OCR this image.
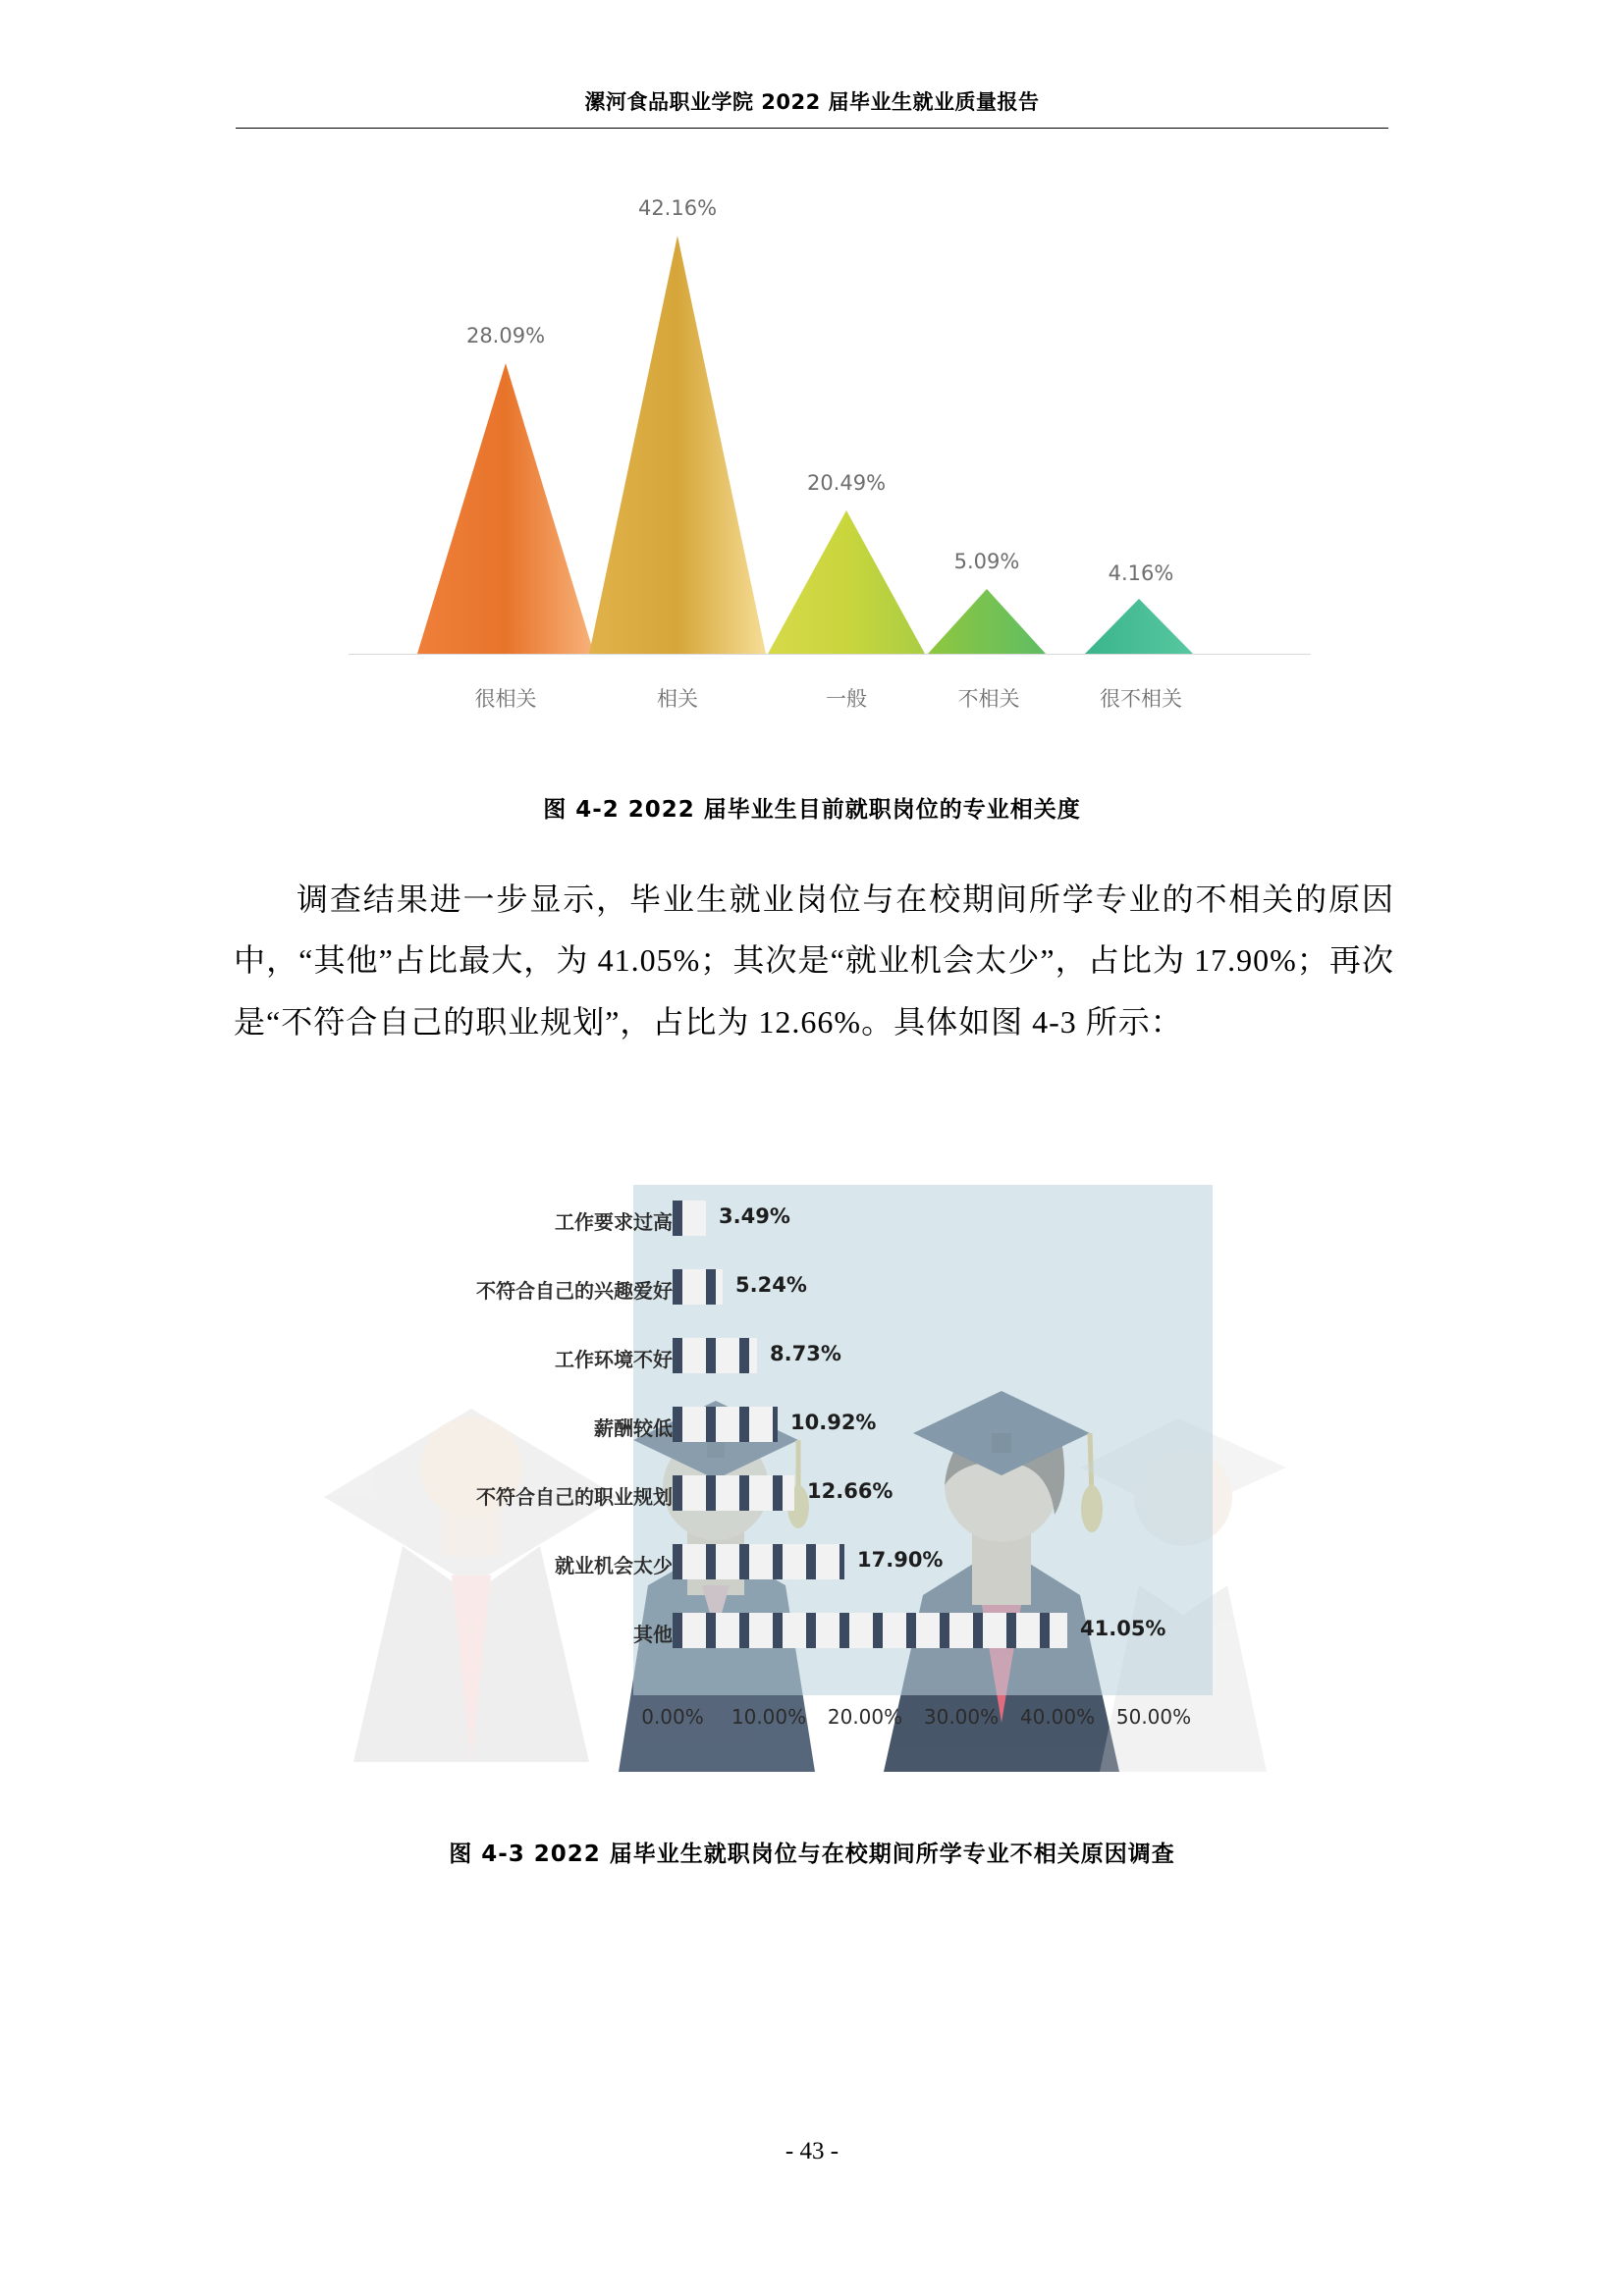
漯河食品职业学院 2022 届毕业生就业质量报告
28.09%
42.16%
20.49%
5.09%	4.16%
很相关	相关	一般	不相关	很不相关
图 4-2 2022 届毕业生目前就职岗位的专业相关度
调查结果进一步显示，毕业生就业岗位与在校期间所学专业的不相关的原因中，“其他”占比最大，为 41.05%；其次是“就业机会太少”，占比为 17.90%；再次是“不符合自己的职业规划”，占比为 12.66%。具体如图 4-3 所示：
工作要求过高 3.49%
不符合自己的兴趣爱好	5.24%
工作环境不好	8.73%
薪酬较低	10.92%
不符合自己的职业规划	12.66%
就业机会太少	17.90%
其他	41.05%
0.00% 10.00% 20.00% 30.00% 40.00% 50.00%
图 4-3 2022 届毕业生就职岗位与在校期间所学专业不相关原因调查
- 43 -
